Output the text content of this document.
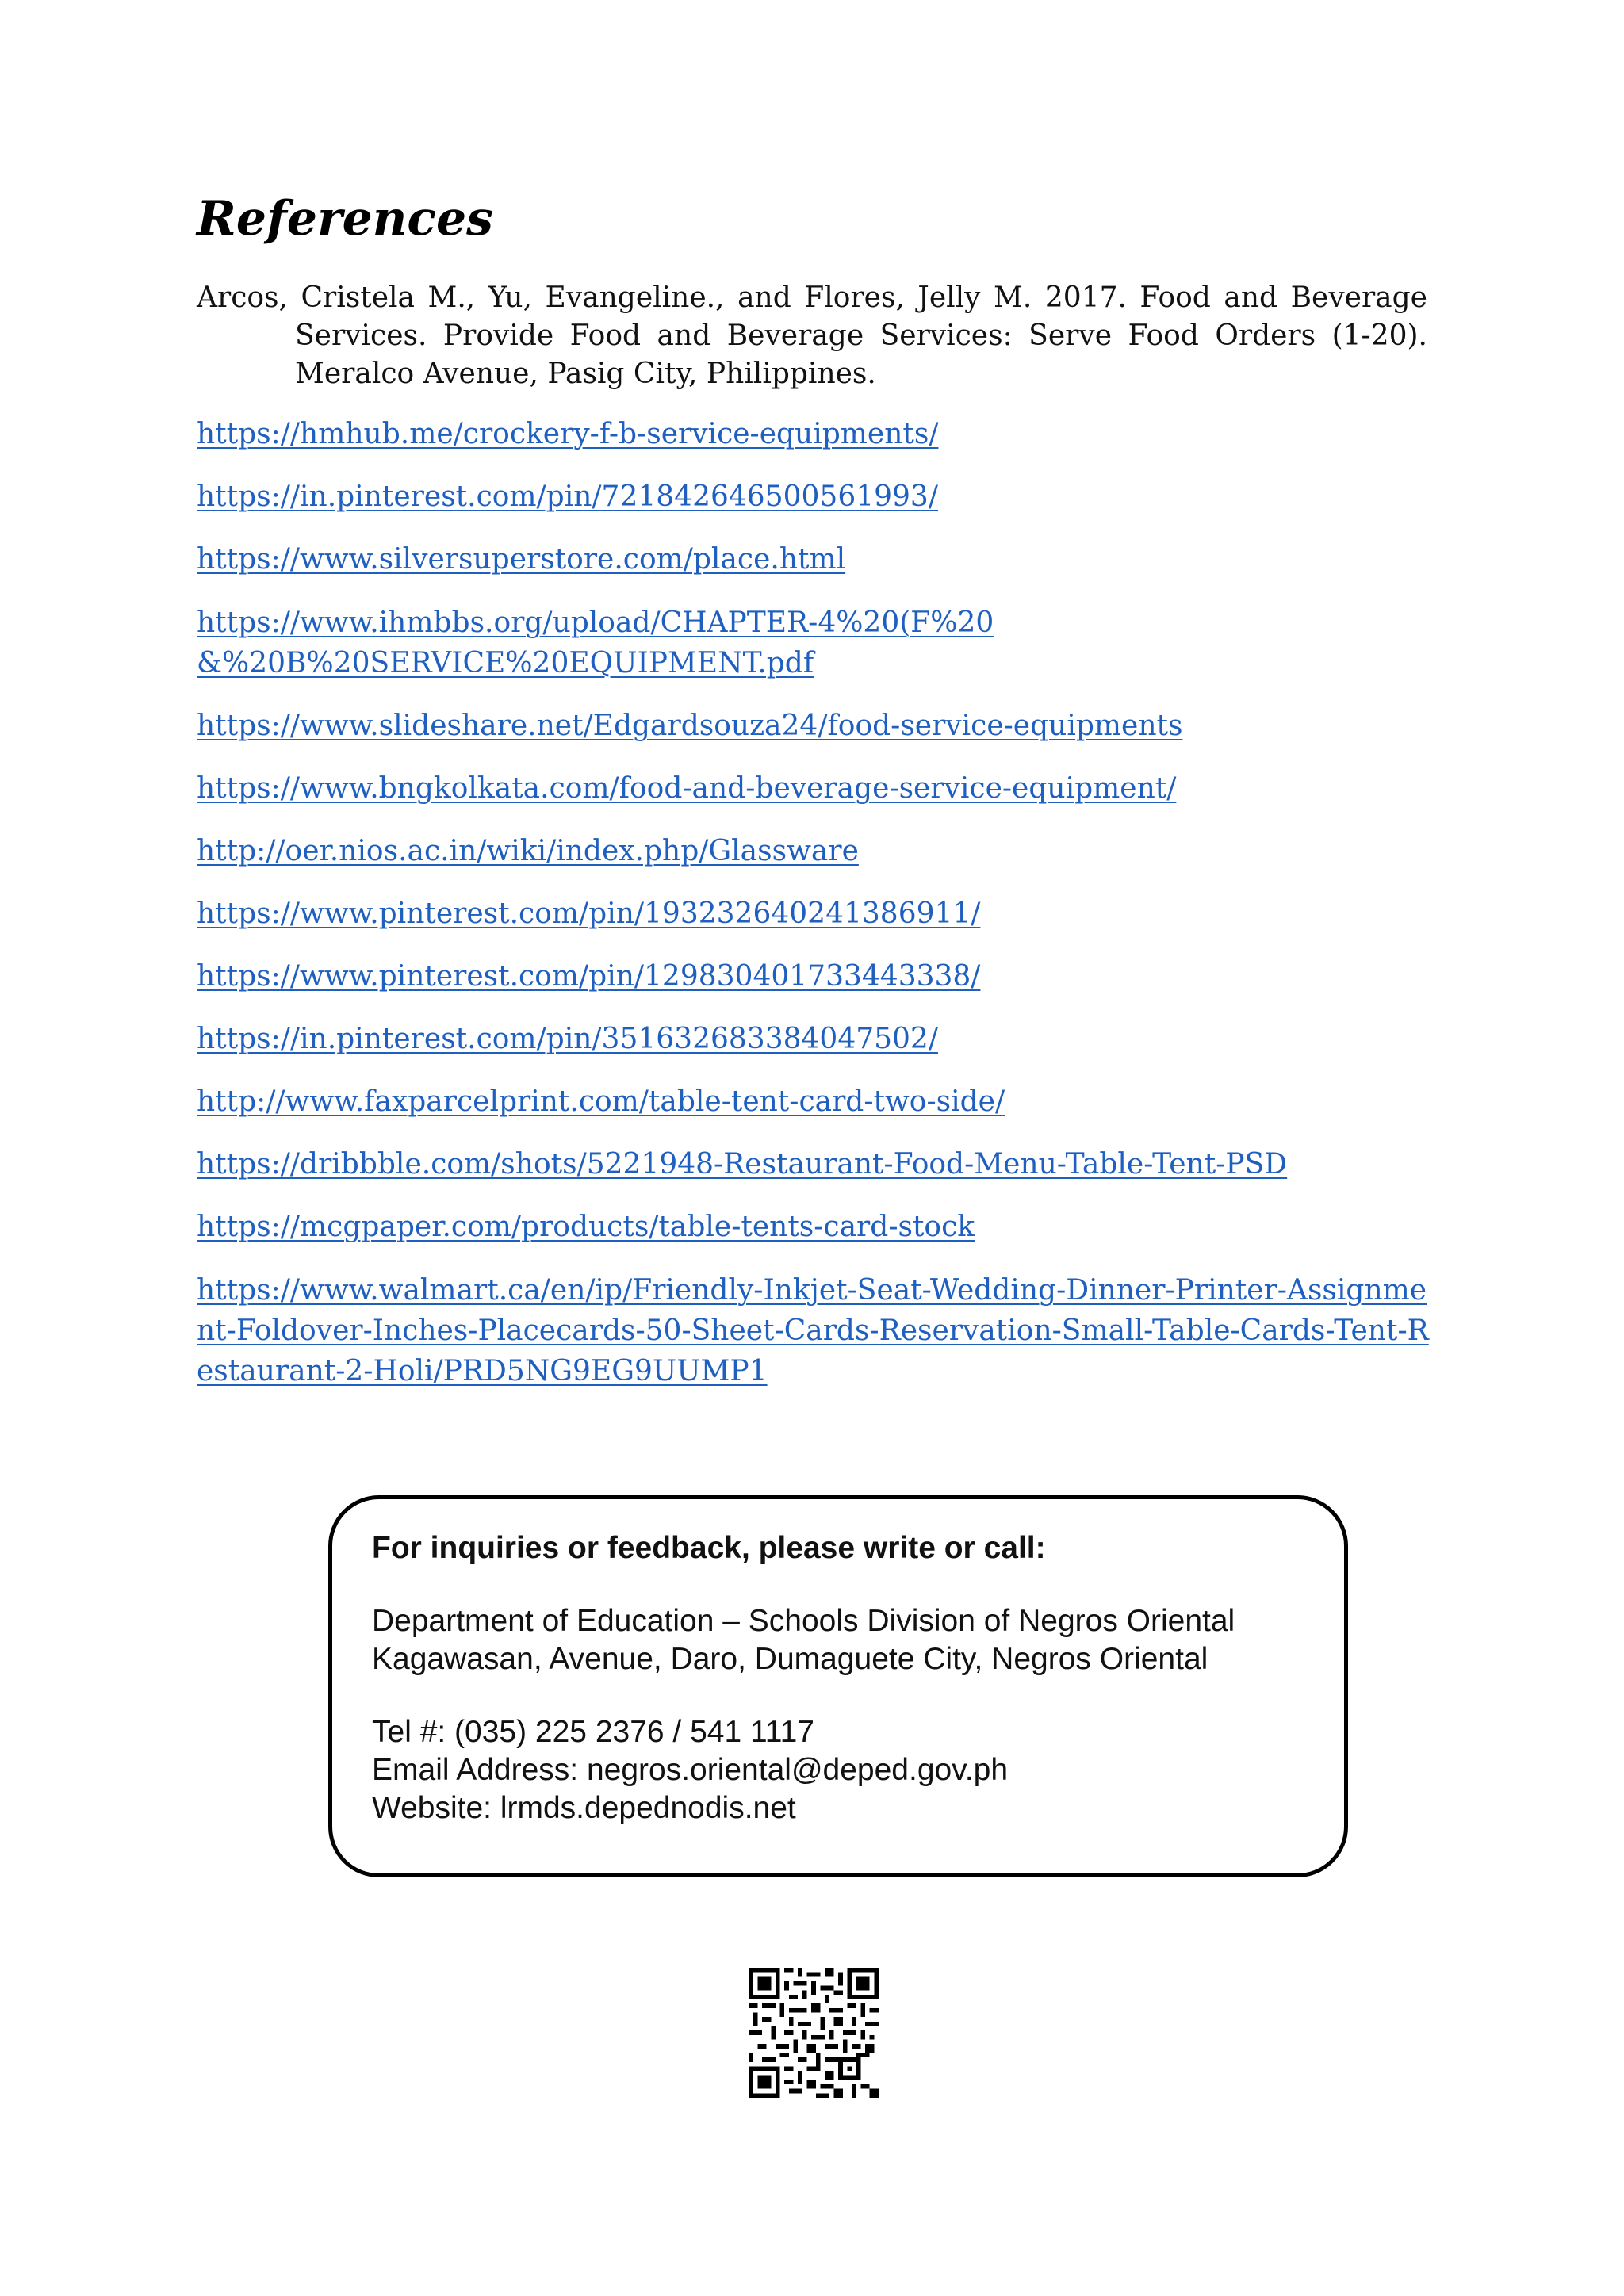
References

Arcos, Cristela M., Yu, Evangeline., and Flores, Jelly M. 2017. Food and Beverage Services. Provide Food and Beverage Services: Serve Food Orders (1-20). Meralco Avenue, Pasig City, Philippines.

https://hmhub.me/crockery-f-b-service-equipments/
https://in.pinterest.com/pin/721842646500561993/
https://www.silversuperstore.com/place.html
https://www.ihmbbs.org/upload/CHAPTER-4%20(F%20&%20B%20SERVICE%20EQUIPMENT.pdf
https://www.slideshare.net/Edgardsouza24/food-service-equipments
https://www.bngkolkata.com/food-and-beverage-service-equipment/
http://oer.nios.ac.in/wiki/index.php/Glassware
https://www.pinterest.com/pin/193232640241386911/
https://www.pinterest.com/pin/129830401733443338/
https://in.pinterest.com/pin/351632683384047502/
http://www.faxparcelprint.com/table-tent-card-two-side/
https://dribbble.com/shots/5221948-Restaurant-Food-Menu-Table-Tent-PSD
https://mcgpaper.com/products/table-tents-card-stock
https://www.walmart.ca/en/ip/Friendly-Inkjet-Seat-Wedding-Dinner-Printer-Assignment-Foldover-Inches-Placecards-50-Sheet-Cards-Reservation-Small-Table-Cards-Tent-Restaurant-2-Holi/PRD5NG9EG9UUMP1

For inquiries or feedback, please write or call:

Department of Education – Schools Division of Negros Oriental

Kagawasan, Avenue, Daro, Dumaguete City, Negros Oriental

Tel #: (035) 225 2376 / 541 1117

Email Address: negros.oriental@deped.gov.ph

Website: lrmds.depednodis.net
